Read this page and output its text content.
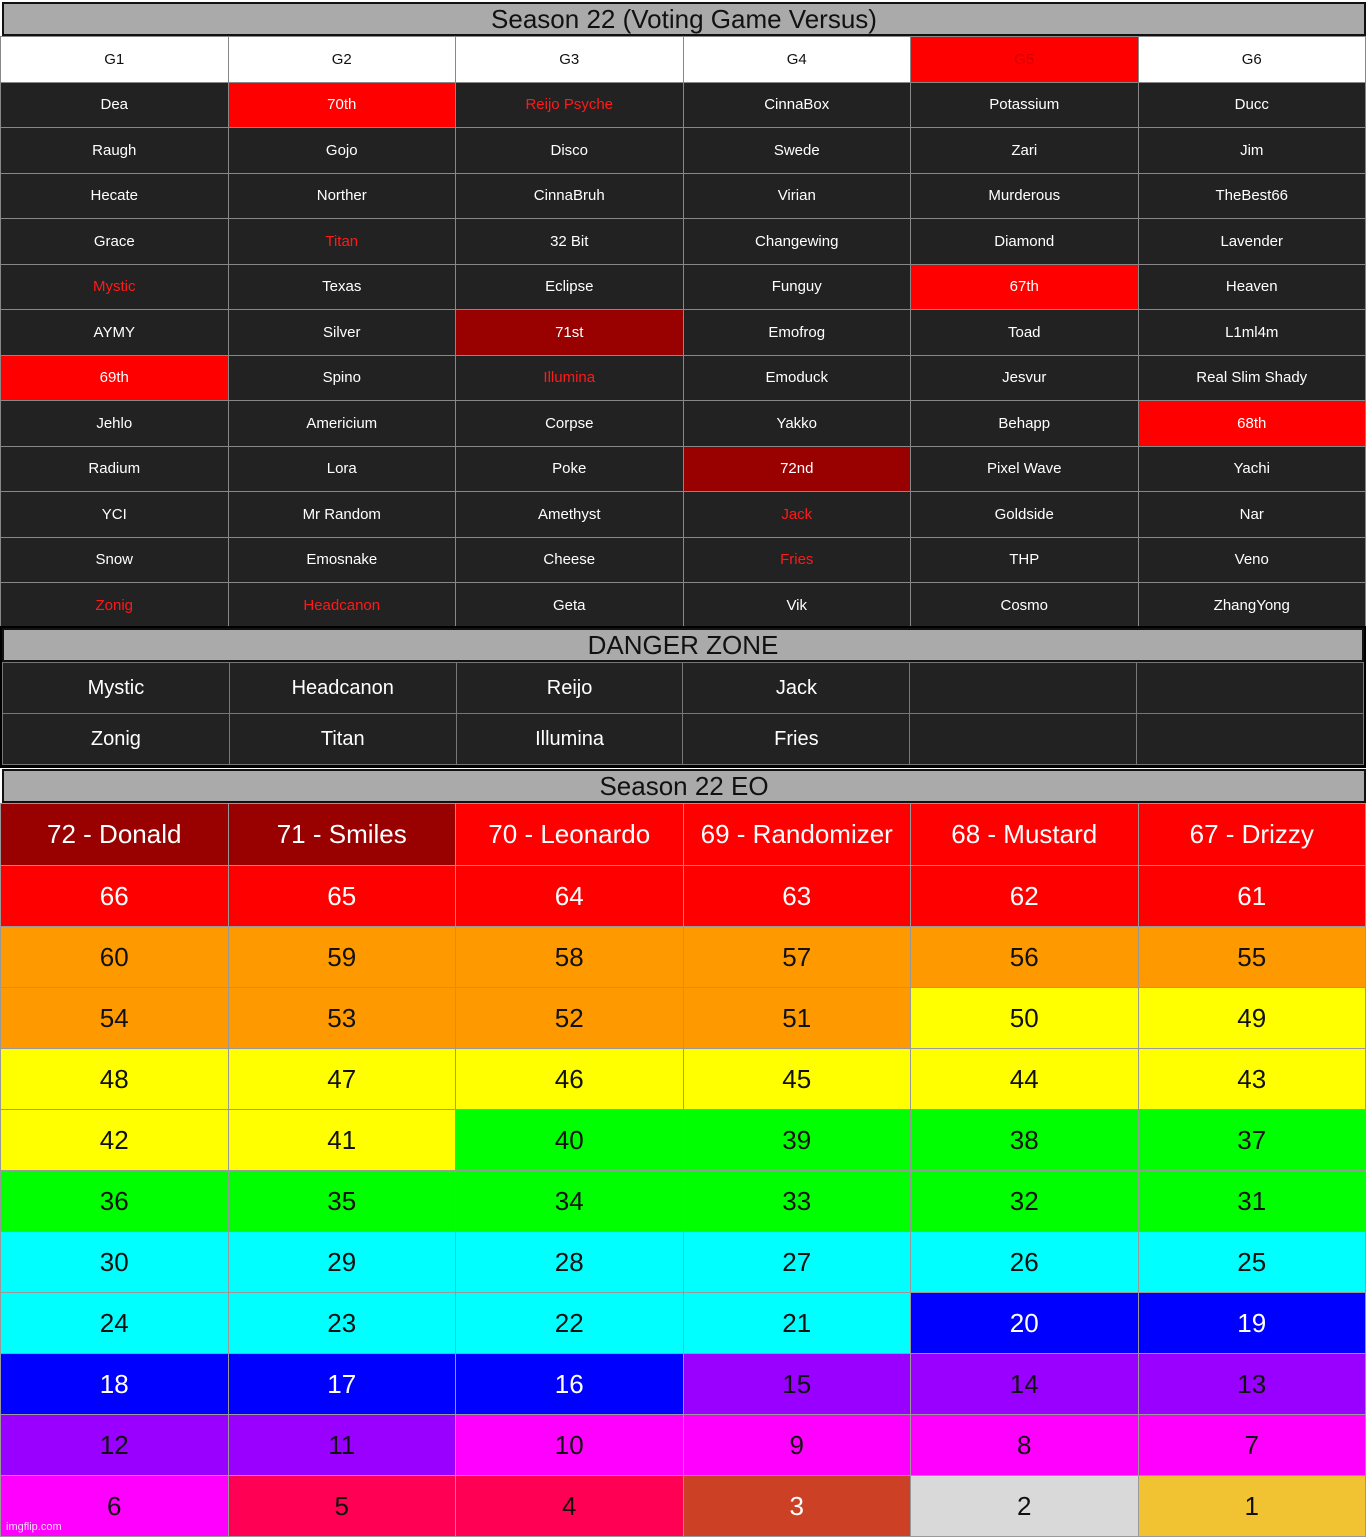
Season 22 (Voting Game Versus)
G1	G2	G3	G4	G5	G6
Dea	70th	Reijo Psyche	CinnaBox	Potassium	Ducc
Raugh	Gojo	Disco	Swede	Zari	Jim
Hecate	Norther	CinnaBruh	Virian	Murderous	TheBest66
Grace	Titan	32 Bit	Changewing	Diamond	Lavender
Mystic	Texas	Eclipse	Funguy	67th	Heaven
AYMY	Silver	71st	Emofrog	Toad	L1ml4m
69th	Spino	Illumina	Emoduck	Jesvur	Real Slim Shady
Jehlo	Americium	Corpse	Yakko	Behapp	68th
Radium	Lora	Poke	72nd	Pixel Wave	Yachi
YCI	Mr Random	Amethyst	Jack	Goldside	Nar
Snow	Emosnake	Cheese	Fries	THP	Veno
Zonig	Headcanon	Geta	Vik	Cosmo	ZhangYong
DANGER ZONE
Mystic	Headcanon	Reijo	Jack		
Zonig	Titan	Illumina	Fries		
Season 22 EO
72 - Donald	71 - Smiles	70 - Leonardo	69 - Randomizer	68 - Mustard	67 - Drizzy
66	65	64	63	62	61
60	59	58	57	56	55
54	53	52	51	50	49
48	47	46	45	44	43
42	41	40	39	38	37
36	35	34	33	32	31
30	29	28	27	26	25
24	23	22	21	20	19
18	17	16	15	14	13
12	11	10	9	8	7
6	5	4	3	2	1
imgflip.com
